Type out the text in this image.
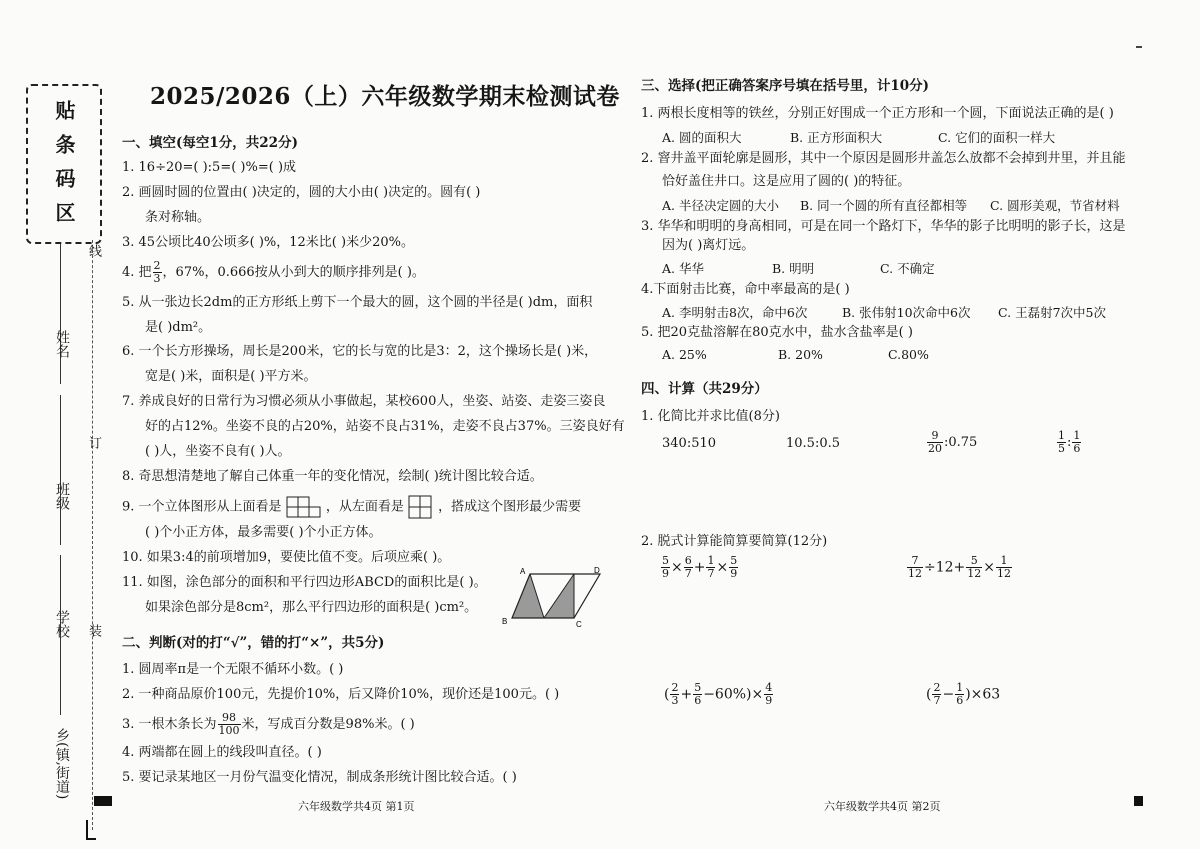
贴条码区
姓名
班级
学校
乡(镇,街道)
线
订
装
2025/2026（上）六年级数学期末检测试卷
一、填空(每空1分，共22分)
1. 16÷20=( ):5=( )%=( )成
2. 画圆时圆的位置由( )决定的，圆的大小由( )决定的。圆有( )
条对称轴。
3. 45公顷比40公顷多( )%，12米比( )米少20%。
4. 把 $\frac{2}{3}$ ，67%，0.666按从小到大的顺序排列是( )。
5. 从一张边长2dm的正方形纸上剪下一个最大的圆，这个圆的半径是( )dm，面积
是( )dm²。
6. 一个长方形操场，周长是200米，它的长与宽的比是3：2，这个操场长是( )米，
宽是( )米，面积是( )平方米。
7. 养成良好的日常行为习惯必须从小事做起，某校600人，坐姿、站姿、走姿三姿良
好的占12%。坐姿不良的占20%，站姿不良占31%，走姿不良占37%。三姿良好有
( )人，坐姿不良有( )人。
8. 奇思想清楚地了解自己体重一年的变化情况，绘制( )统计图比较合适。
9. 一个立体图形从上面看是	，从左面看是	，搭成这个图形最少需要
( )个小正方体，最多需要( )个小正方体。
10. 如果3:4的前项增加9，要使比值不变。后项应乘( )。
11. 如图，涂色部分的面积和平行四边形ABCD的面积比是( )。
如果涂色部分是8cm²，那么平行四边形的面积是( )cm²。
A	D
B	C
二、判断(对的打“√”，错的打“×”，共5分)
1. 圆周率π是一个无限不循环小数。( )
2. 一种商品原价100元，先提价10%，后又降价10%，现价还是100元。( )
3. 一根木条长为 $\frac{98}{100}$ 米，写成百分数是98%米。( )
4. 两端都在圆上的线段叫直径。( )
5. 要记录某地区一月份气温变化情况，制成条形统计图比较合适。( )
六年级数学共4页 第1页
三、选择(把正确答案序号填在括号里，计10分)
1. 两根长度相等的铁丝，分别正好围成一个正方形和一个圆，下面说法正确的是( )
A. 圆的面积大	B. 正方形面积大	C. 它们的面积一样大
2. 窨井盖平面轮廓是圆形，其中一个原因是圆形井盖怎么放都不会掉到井里，并且能
恰好盖住井口。这是应用了圆的( )的特征。
A. 半径决定圆的大小 B. 同一个圆的所有直径都相等 C. 圆形美观，节省材料
3. 华华和明明的身高相同，可是在同一个路灯下，华华的影子比明明的影子长，这是
因为( )离灯远。
A. 华华	B. 明明	C. 不确定
4.下面射击比赛，命中率最高的是( )
A. 李明射击8次，命中6次	B. 张伟射10次命中6次 C. 王磊射7次中5次
5. 把20克盐溶解在80克水中，盐水含盐率是( )
A. 25%	B. 20%	C.80%
四、计算（共29分）
1. 化简比并求比值(8分)
340:510	10.5:0.5	$\frac{9}{20}$ :0.75	$\frac{1}{5}$ : $\frac{1}{6}$
2. 脱式计算能简算要简算(12分)
$\frac{5}{9} \times \frac{6}{7} + \frac{1}{7} \times \frac{5}{9}$	$\frac{7}{12} \div 12+ \frac{5}{12} \times \frac{1}{12}$
( $\frac{2}{3} + \frac{5}{6} -60\%)\times \frac{4}{9}$	( $\frac{2}{7} - \frac{1}{6} )\times 63$
六年级数学共4页 第2页
